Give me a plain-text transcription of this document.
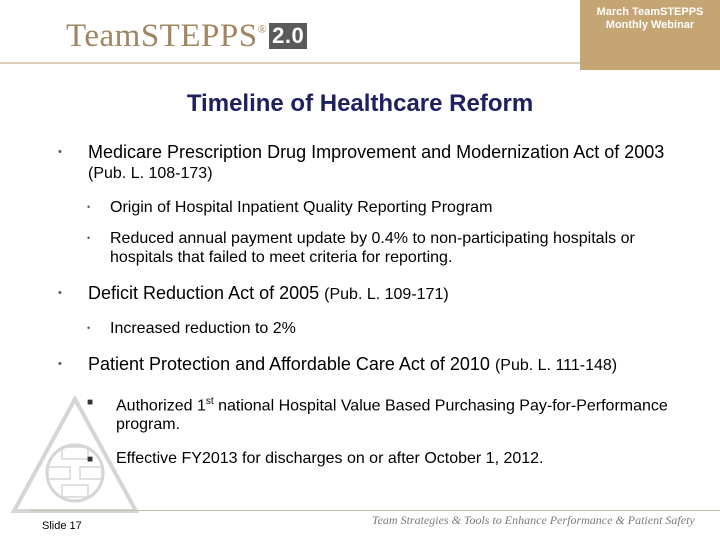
TeamSTEPPS® 2.0
March TeamSTEPPS
Monthly Webinar
Timeline of Healthcare Reform
• Medicare Prescription Drug Improvement and Modernization Act of 2003 (Pub. L. 108-173)
• Origin of Hospital Inpatient Quality Reporting Program
• Reduced annual payment update by 0.4% to non-participating hospitals or hospitals that failed to meet criteria for reporting.
• Deficit Reduction Act of 2005 (Pub. L. 109-171)
• Increased reduction to 2%
• Patient Protection and Affordable Care Act of 2010 (Pub. L. 111-148)
■ Authorized 1st national Hospital Value Based Purchasing Pay-for-Performance program.
■ Effective FY2013 for discharges on or after October 1, 2012.
Slide 17	Team Strategies & Tools to Enhance Performance & Patient Safety
